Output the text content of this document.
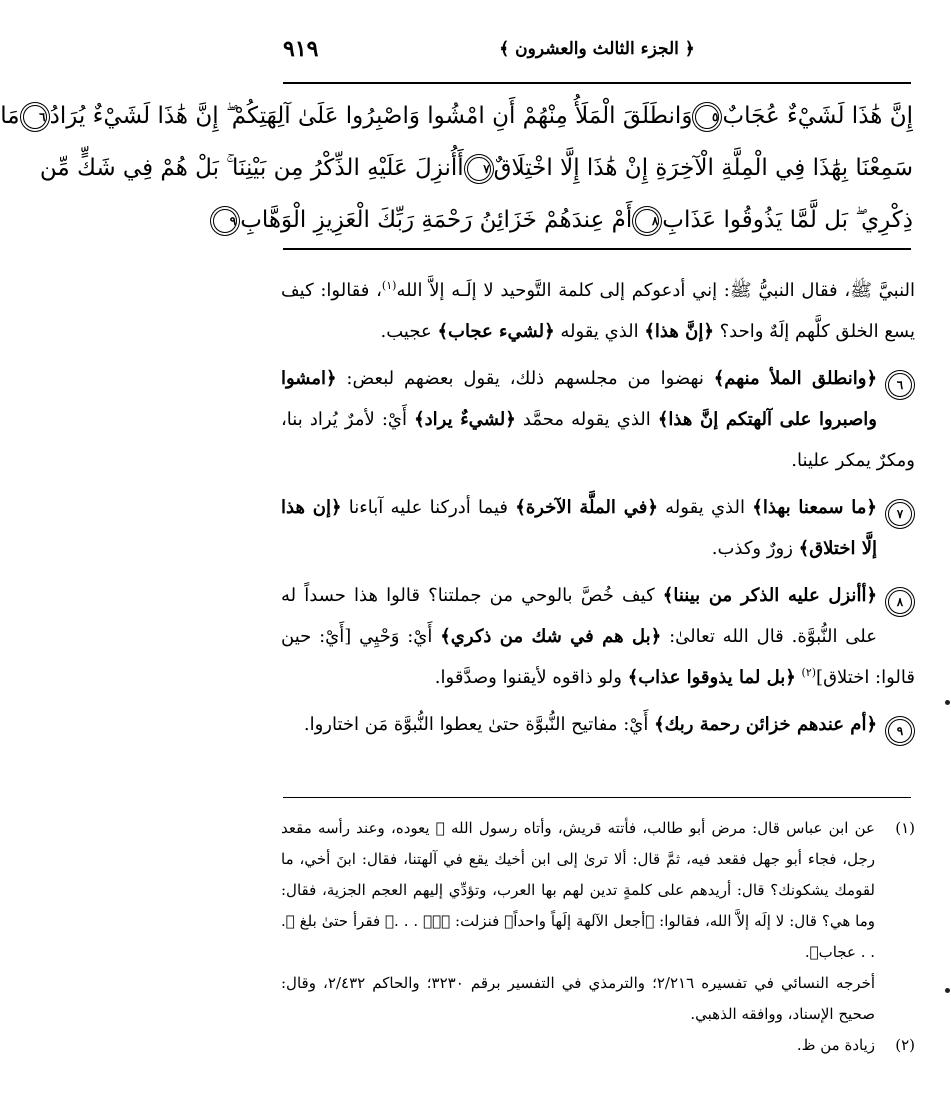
٩١٩	﴿ الجزء الثالث والعشرون ﴾
إِنَّ هَٰذَا لَشَيْءٌ عُجَابٌ٥وَانطَلَقَ الْمَلَأُ مِنْهُمْ أَنِ امْشُوا وَاصْبِرُوا عَلَىٰ آلِهَتِكُمْ ۖ إِنَّ هَٰذَا لَشَيْءٌ يُرَادُ٦مَا
سَمِعْنَا بِهَٰذَا فِي الْمِلَّةِ الْآخِرَةِ إِنْ هَٰذَا إِلَّا اخْتِلَاقٌ٧أَأُنزِلَ عَلَيْهِ الذِّكْرُ مِن بَيْنِنَا ۚ بَلْ هُمْ فِي شَكٍّ مِّن
ذِكْرِي ۖ بَل لَّمَّا يَذُوقُوا عَذَابِ٨أَمْ عِندَهُمْ خَزَائِنُ رَحْمَةِ رَبِّكَ الْعَزِيزِ الْوَهَّابِ٩
النبيَّ ﷺ، فقال النبيُّ ﷺ: إني أدعوكم إلى كلمة التَّوحيد لا إلَـه إلاَّ الله$^{(١)}$، فقالوا: كيف يسع الخلق كلَّهم إلَهٌ واحد؟ ﴿إنَّ هذا﴾ الذي يقوله ﴿لشيء عجاب﴾ عجيب.
٦
﴿وانطلق الملأ منهم﴾ نهضوا من مجلسهم ذلك، يقول بعضهم لبعض: ﴿امشوا واصبروا على آلهتكم إنَّ هذا﴾ الذي يقوله محمَّد ﴿لشيءٌ يراد﴾ أَيْ: لأمرٌ يُراد بنا، ومكرٌ يمكر علينا.
٧
﴿ما سمعنا بهذا﴾ الذي يقوله ﴿في الملَّة الآخرة﴾ فيما أدركنا عليه آباءنا ﴿إن هذا إلَّا اختلاق﴾ زورٌ وكذب.
٨
﴿أأنزل عليه الذكر من بيننا﴾ كيف خُصَّ بالوحي من جملتنا؟ قالوا هذا حسداً له على النُّبوَّة. قال الله تعالىٰ: ﴿بل هم في شك من ذكري﴾ أَيْ: وَحْيِي [أَيْ: حين قالوا: اختلاق]$^{(٢)}$ ﴿بل لما يذوقوا عذاب﴾ ولو ذاقوه لأيقنوا وصدَّقوا.
٩
﴿أم عندهم خزائن رحمة ربك﴾ أَيْ: مفاتيح النُّبوَّة حتىٰ يعطوا النُّبوَّة مَن اختاروا.
(١)
عن ابن عباس قال: مرض أبو طالب، فأتته قريش، وأتاه رسول الله ﷺ يعوده، وعند رأسه مقعد رجل، فجاء أبو جهل فقعد فيه، ثمَّ قال: ألا ترىٰ إلى ابن أخيك يقع في آلهتنا، فقال: ابنَ أخي، ما لقومك يشكونك؟ قال: أريدهم على كلمةٍ تدين لهم بها العرب، وتؤدِّي إليهم العجم الجزية، فقال: وما هي؟ قال: لا إلَه إلاَّ الله، فقالوا: ﴿أجعل الآلهة إلَهاً واحداً﴾ فنزلت: ﴿صۤ . . .﴾ فقرأ حتىٰ بلغ ﴿. . . عجاب﴾.
أخرجه النسائي في تفسيره ٢/٢١٦؛ والترمذي في التفسير برقم ٣٢٣٠؛ والحاكم ٢/٤٣٢، وقال: صحيح الإسناد، ووافقه الذهبي.
(٢)
زيادة من ظ.
